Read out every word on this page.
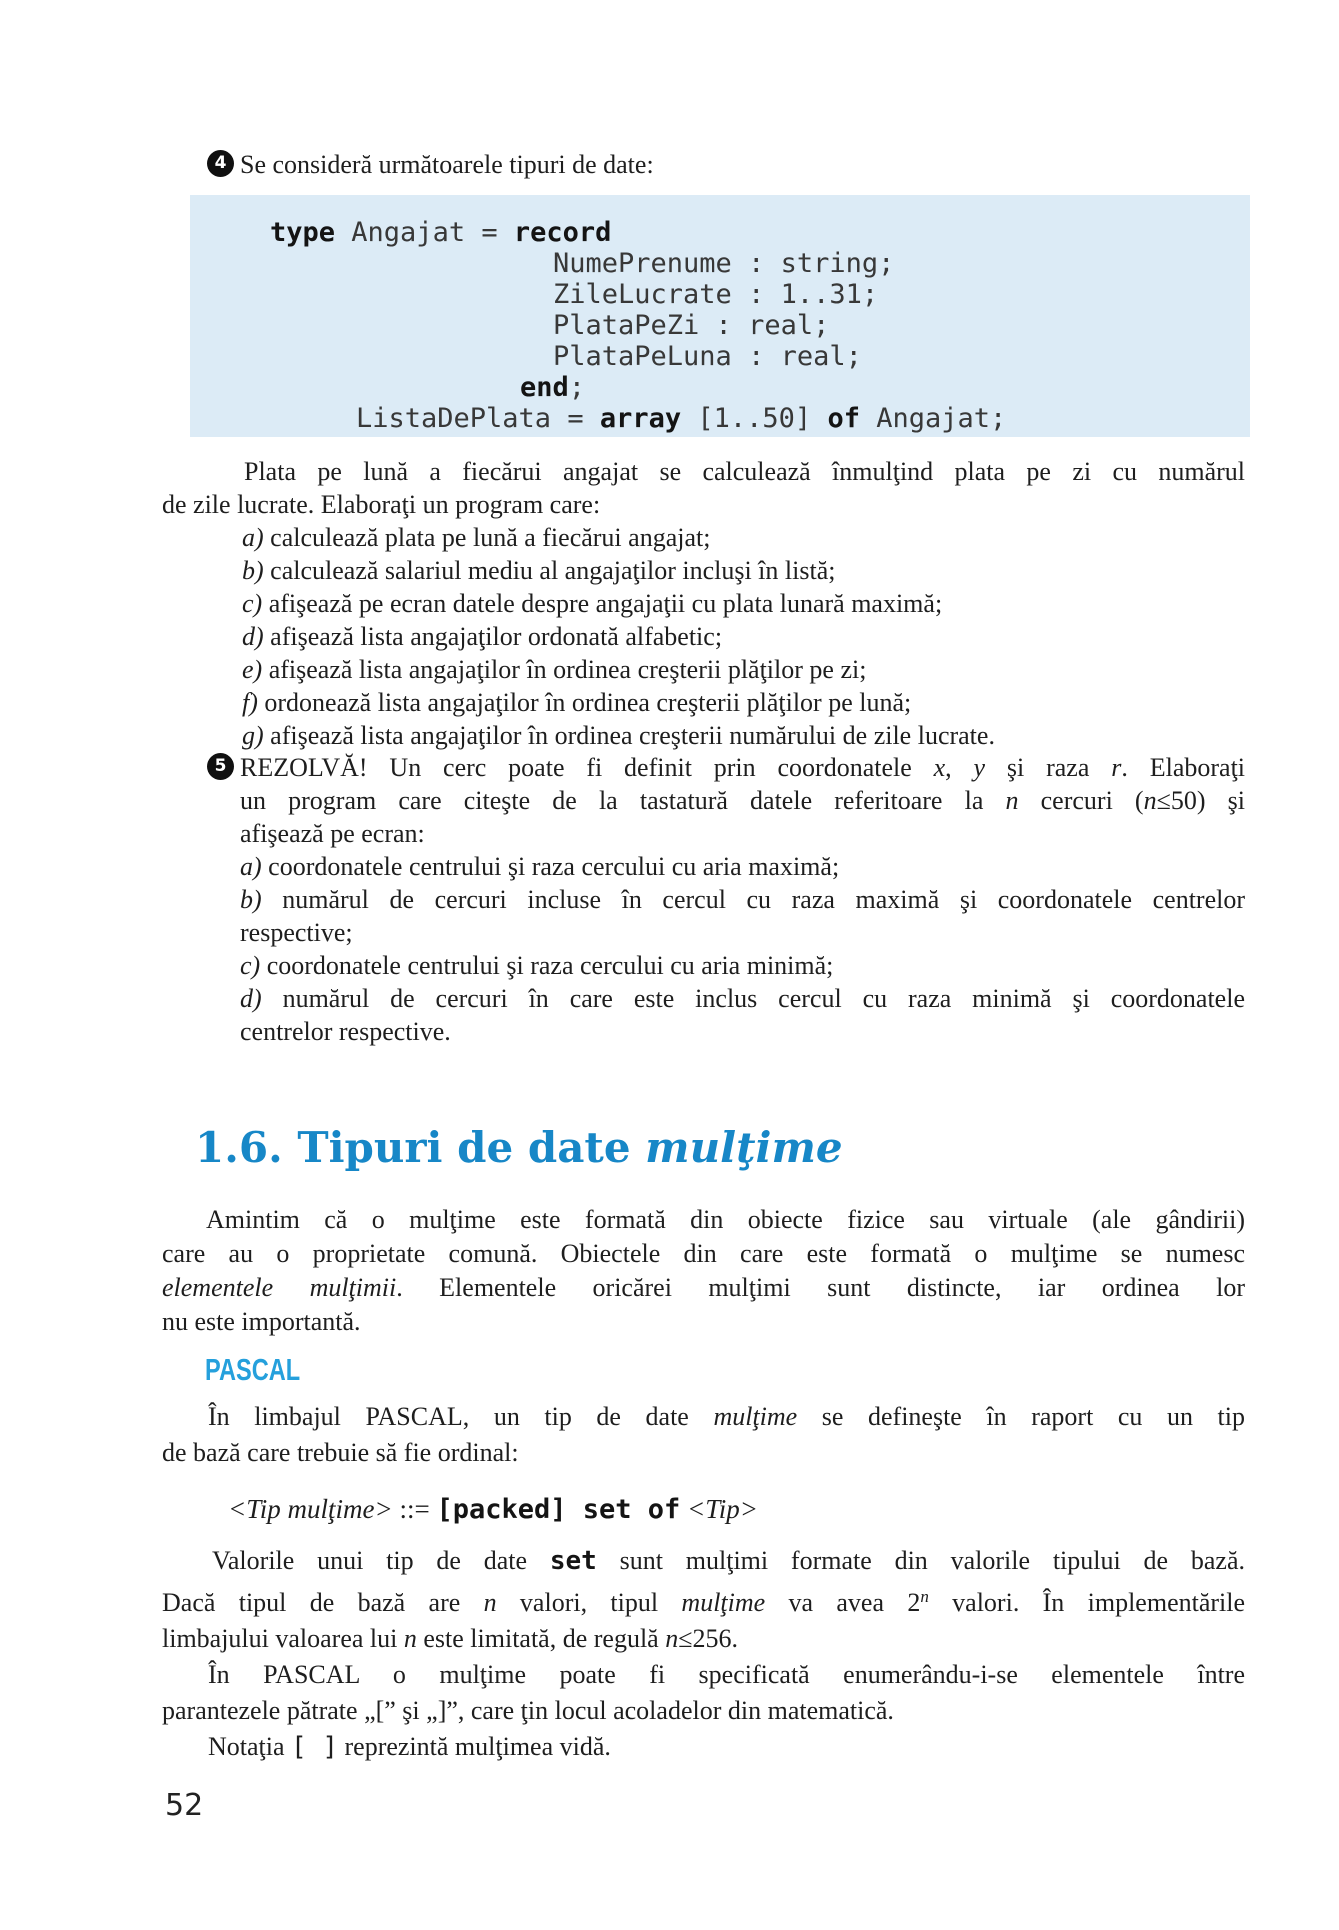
4 Se consideră următoarele tipuri de date:
type Angajat = record
NumePrenume : string;
ZileLucrate : 1..31;
PlataPeZi : real;
PlataPeLuna : real;
end;
ListaDePlata = array [1..50] of Angajat;
Plata pe lună a fiecărui angajat se calculează înmulţind plata pe zi cu numărul
de zile lucrate. Elaboraţi un program care:
a) calculează plata pe lună a fiecărui angajat;
b) calculează salariul mediu al angajaţilor incluşi în listă;
c) afişează pe ecran datele despre angajaţii cu plata lunară maximă;
d) afişează lista angajaţilor ordonată alfabetic;
e) afişează lista angajaţilor în ordinea creşterii plăţilor pe zi;
f) ordonează lista angajaţilor în ordinea creşterii plăţilor pe lună;
g) afişează lista angajaţilor în ordinea creşterii numărului de zile lucrate.
5 REZOLVĂ! Un cerc poate fi definit prin coordonatele x, y şi raza r. Elaboraţi
un program care citeşte de la tastatură datele referitoare la n cercuri (n≤50) şi
afişează pe ecran:
a) coordonatele centrului şi raza cercului cu aria maximă;
b) numărul de cercuri incluse în cercul cu raza maximă şi coordonatele centrelor
respective;
c) coordonatele centrului şi raza cercului cu aria minimă;
d) numărul de cercuri în care este inclus cercul cu raza minimă şi coordonatele
centrelor respective.
1.6. Tipuri de date mulţime
Amintim că o mulţime este formată din obiecte fizice sau virtuale (ale gândirii)
care au o proprietate comună. Obiectele din care este formată o mulţime se numesc
elementele mulţimii. Elementele oricărei mulţimi sunt distincte, iar ordinea lor
nu este importantă.
PASCAL
În limbajul PASCAL, un tip de date mulţime se defineşte în raport cu un tip
de bază care trebuie să fie ordinal:
<Tip mulţime> ::= [packed] set of <Tip>
Valorile unui tip de date set sunt mulţimi formate din valorile tipului de bază.
Dacă tipul de bază are n valori, tipul mulţime va avea 2$^n$ valori. În implementările
limbajului valoarea lui n este limitată, de regulă n≤256.
În PASCAL o mulţime poate fi specificată enumerându-i-se elementele între
parantezele pătrate „[” şi „]”, care ţin locul acoladelor din matematică.
Notaţia [ ] reprezintă mulţimea vidă.
52
